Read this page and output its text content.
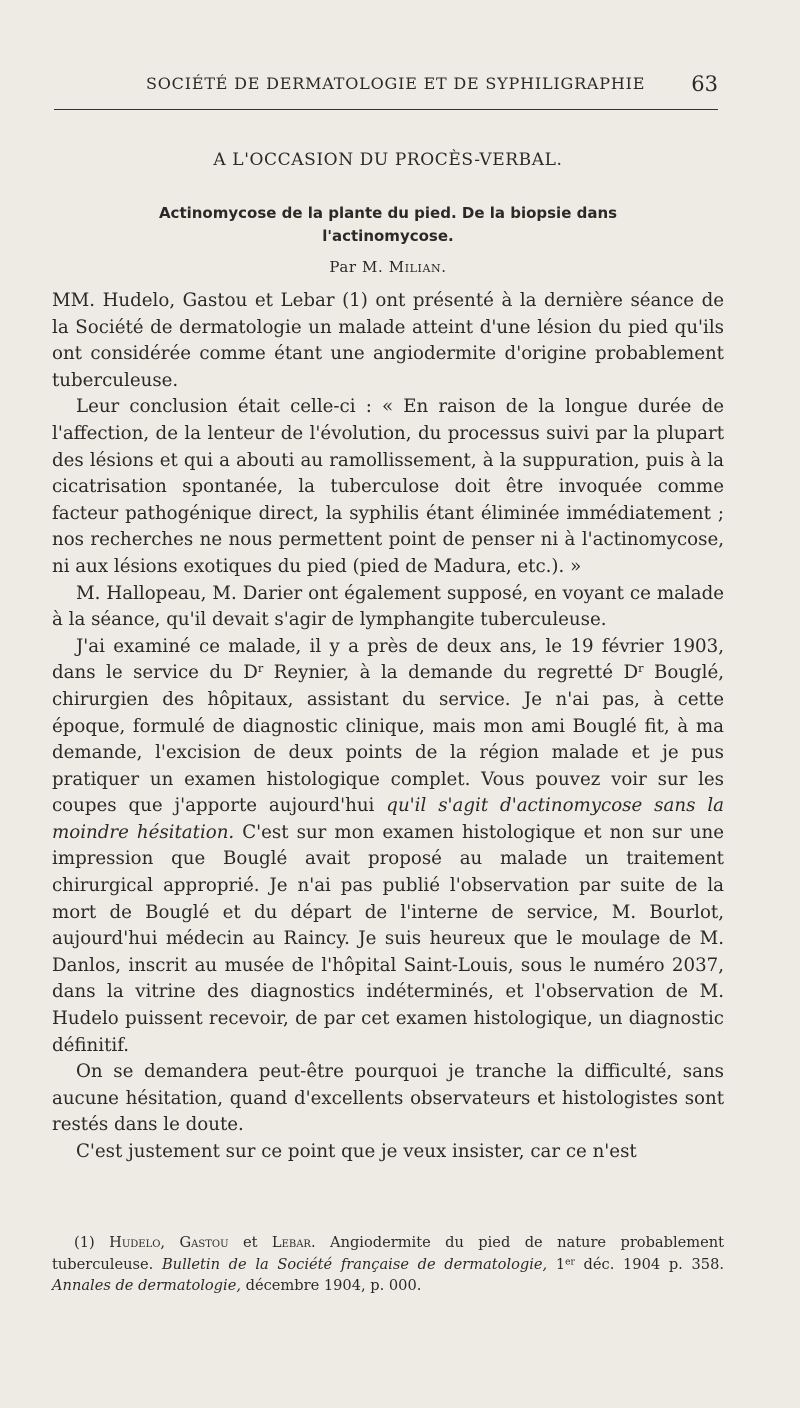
SOCIÉTÉ DE DERMATOLOGIE ET DE SYPHILIGRAPHIE 63
A L'OCCASION DU PROCÈS-VERBAL.
Actinomycose de la plante du pied. De la biopsie dans l'actinomycose.
Par M. Milian.

MM. Hudelo, Gastou et Lebar (1) ont présenté à la dernière séance de la Société de dermatologie un malade atteint d'une lésion du pied qu'ils ont considérée comme étant une angiodermite d'origine probablement tuberculeuse.

Leur conclusion était celle-ci : « En raison de la longue durée de l'affection, de la lenteur de l'évolution, du processus suivi par la plupart des lésions et qui a abouti au ramollissement, à la suppuration, puis à la cicatrisation spontanée, la tuberculose doit être invoquée comme facteur pathogénique direct, la syphilis étant éliminée immédiatement ; nos recherches ne nous permettent point de penser ni à l'actinomycose, ni aux lésions exotiques du pied (pied de Madura, etc.). »

M. Hallopeau, M. Darier ont également supposé, en voyant ce malade à la séance, qu'il devait s'agir de lymphangite tuberculeuse.

J'ai examiné ce malade, il y a près de deux ans, le 19 février 1903, dans le service du $D^r$ Reynier, à la demande du regretté $D^r$ Bouglé, chirurgien des hôpitaux, assistant du service. Je n'ai pas, à cette époque, formulé de diagnostic clinique, mais mon ami Bouglé fit, à ma demande, l'excision de deux points de la région malade et je pus pratiquer un examen histologique complet. Vous pouvez voir sur les coupes que j'apporte aujourd'hui qu'il s'agit d'actinomycose sans la moindre hésitation. C'est sur mon examen histologique et non sur une impression que Bouglé avait proposé au malade un traitement chirurgical approprié. Je n'ai pas publié l'observation par suite de la mort de Bouglé et du départ de l'interne de service, M. Bourlot, aujourd'hui médecin au Raincy. Je suis heureux que le moulage de M. Danlos, inscrit au musée de l'hôpital Saint-Louis, sous le numéro 2037, dans la vitrine des diagnostics indéterminés, et l'observation de M. Hudelo puissent recevoir, de par cet examen histologique, un diagnostic définitif.

On se demandera peut-être pourquoi je tranche la difficulté, sans aucune hésitation, quand d'excellents observateurs et histologistes sont restés dans le doute.

C'est justement sur ce point que je veux insister, car ce n'est

(1) Hudelo, Gastou et Lebar. Angiodermite du pied de nature probablement tuberculeuse. Bulletin de la Société française de dermatologie, 1er déc. 1904 p. 358. Annales de dermatologie, décembre 1904, p. 000.
